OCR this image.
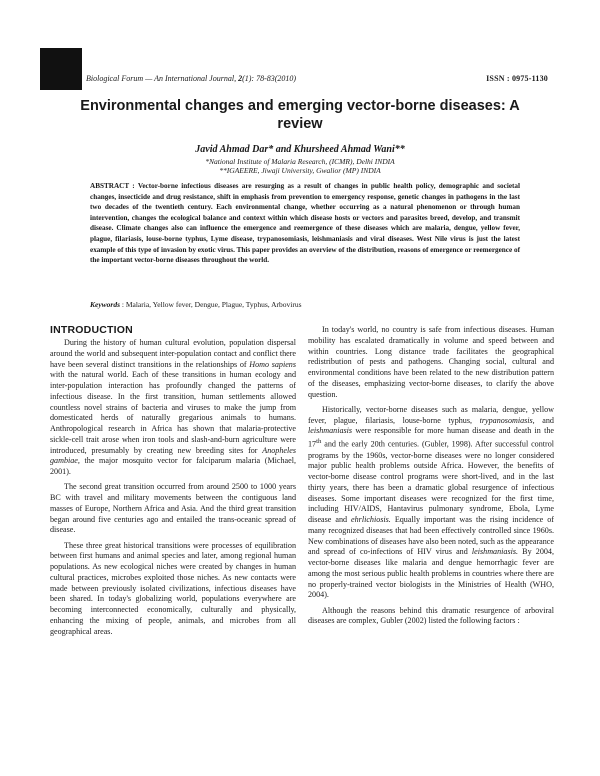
Biological Forum — An International Journal, 2(1): 78-83(2010)	ISSN : 0975-1130
Environmental changes and emerging vector-borne diseases: A review
Javid Ahmad Dar* and Khursheed Ahmad Wani**
*National Institute of Malaria Research, (ICMR), Delhi INDIA
**IGAEERE, Jiwaji University, Gwalior (MP) INDIA

ABSTRACT : Vector-borne infectious diseases are resurging as a result of changes in public health policy, demographic and societal changes, insecticide and drug resistance, shift in emphasis from prevention to emergency response, genetic changes in pathogens in the last two decades of the twentieth century. Each environmental change, whether occurring as a natural phenomenon or through human intervention, changes the ecological balance and context within which disease hosts or vectors and parasites breed, develop, and transmit disease. Climate changes also can influence the emergence and reemergence of these diseases which are malaria, dengue, yellow fever, plague, filariasis, louse-borne typhus, Lyme disease, trypanosomiasis, leishmaniasis and viral diseases. West Nile virus is just the latest example of this type of invasion by exotic virus. This paper provides an overview of the distribution, reasons of emergence or reemergence of the important vector-borne diseases throughout the world.

Keywords : Malaria, Yellow fever, Dengue, Plague, Typhus, Arbovirus
INTRODUCTION

During the history of human cultural evolution, population dispersal around the world and subsequent inter-population contact and conflict there have been several distinct transitions in the relationships of Homo sapiens with the natural world. Each of these transitions in human ecology and inter-population interaction has profoundly changed the patterns of infectious disease. In the first transition, human settlements allowed countless novel strains of bacteria and viruses to make the jump from domesticated herds of naturally gregarious animals to humans. Anthropological research in Africa has shown that malaria-protective sickle-cell trait arose when iron tools and slash-and-burn agriculture were introduced, presumably by creating new breeding sites for Anopheles gambiae, the major mosquito vector for falciparum malaria (Michael, 2001).

The second great transition occurred from around 2500 to 1000 years BC with travel and military movements between the contiguous land masses of Europe, Northern Africa and Asia. And the third great transition began around five centuries ago and entailed the trans-oceanic spread of disease.

These three great historical transitions were processes of equilibration between first humans and animal species and later, among regional human populations. As new ecological niches were created by changes in human cultural practices, microbes exploited those niches. As new contacts were made between previously isolated civilizations, infectious diseases have been shared. In today's globalizing world, populations everywhere are becoming interconnected economically, culturally and physically, enhancing the mixing of people, animals, and microbes from all geographical areas.

In today's world, no country is safe from infectious diseases. Human mobility has escalated dramatically in volume and speed between and within countries. Long distance trade facilitates the geographical redistribution of pests and pathogens. Changing social, cultural and environmental conditions have been related to the new distribution pattern of the diseases, emphasizing vector-borne diseases, to clarify the above question.

Historically, vector-borne diseases such as malaria, dengue, yellow fever, plague, filariasis, louse-borne typhus, trypanosomiasis, and leishmaniasis were responsible for more human disease and death in the 17th and the early 20th centuries. (Gubler, 1998). After successful control programs by the 1960s, vector-borne diseases were no longer considered major public health problems outside Africa. However, the benefits of vector-borne disease control programs were short-lived, and in the last thirty years, there has been a dramatic global resurgence of infectious diseases. Some important diseases were recognized for the first time, including HIV/AIDS, Hantavirus pulmonary syndrome, Ebola, Lyme disease and ehrlichiosis. Equally important was the rising incidence of many recognized diseases that had been effectively controlled since 1960s. New combinations of diseases have also been noted, such as the appearance and spread of co-infections of HIV virus and leishmaniasis. By 2004, vector-borne diseases like malaria and dengue hemorrhagic fever are among the most serious public health problems in countries where there are no properly-trained vector biologists in the Ministries of Health (WHO, 2004).

Although the reasons behind this dramatic resurgence of arboviral diseases are complex, Gubler (2002) listed the following factors :
